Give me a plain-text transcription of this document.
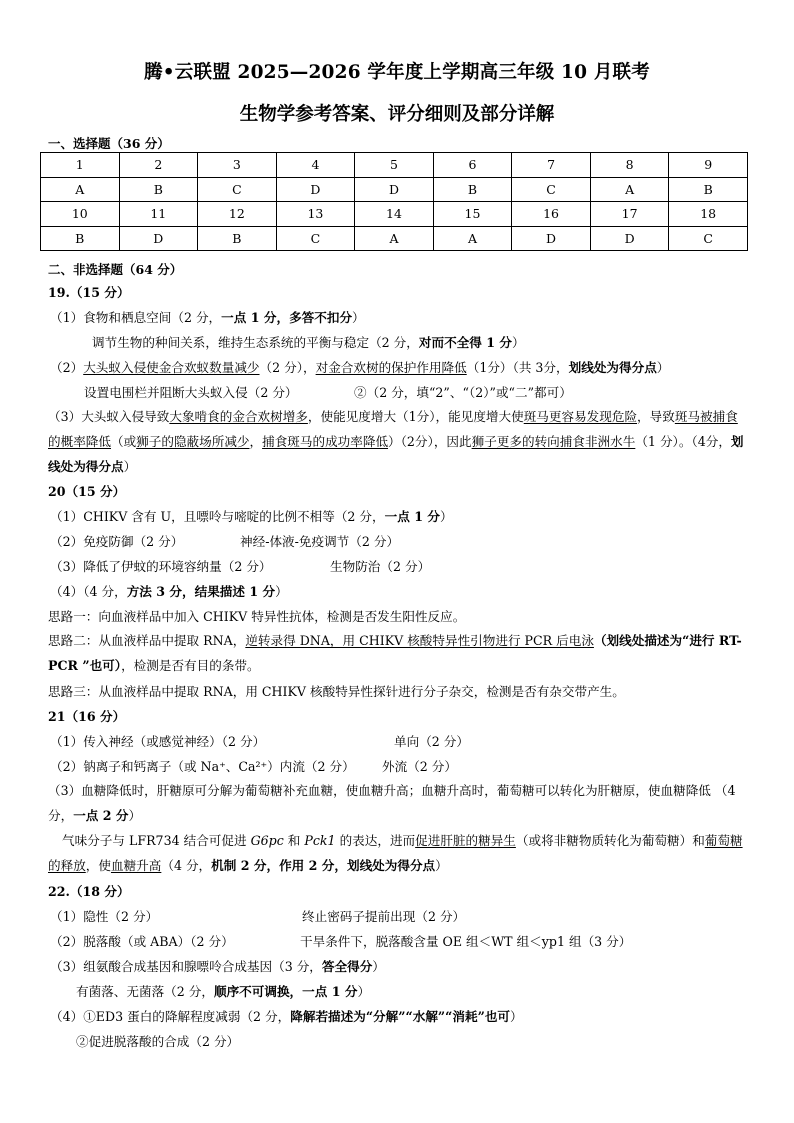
腾•云联盟 2025—2026 学年度上学期高三年级 10 月联考
生物学参考答案、评分细则及部分详解
一、选择题（36 分）
1	2	3	4	5	6	7	8	9
A	B	C	D	D	B	C	A	B
10	11	12	13	14	15	16	17	18
B	D	B	C	A	A	D	D	C
二、非选择题（64 分）
19.（15 分）
（1）食物和栖息空间（2 分，一点 1 分，多答不扣分）
调节生物的种间关系，维持生态系统的平衡与稳定（2 分，对而不全得 1 分）
（2）大头蚁入侵使金合欢蚁数量减少（2 分），对金合欢树的保护作用降低（1分）（共 3分，划线处为得分点）
设置电围栏并阻断大头蚁入侵（2 分）	②（2 分，填“2”、“（2）”或“二”都可）
（3）大头蚁入侵导致大象啃食的金合欢树增多，使能见度增大（1分），能见度增大使斑马更容易发现危险，导致斑马被捕食的概率降低（或狮子的隐蔽场所减少，捕食斑马的成功率降低）（2分），因此狮子更多的转向捕食非洲水牛（1 分）。（4分，划线处为得分点）
20（15 分）
（1）CHIKV 含有 U，且嘌呤与嘧啶的比例不相等（2 分，一点 1 分）
（2）免疫防御（2 分）	神经-体液-免疫调节（2 分）
（3）降低了伊蚊的环境容纳量（2 分）	生物防治（2 分）
（4）（4 分，方法 3 分，结果描述 1 分）
思路一：向血液样品中加入 CHIKV 特异性抗体，检测是否发生阳性反应。
思路二：从血液样品中提取 RNA，逆转录得 DNA，用 CHIKV 核酸特异性引物进行 PCR 后电泳（划线处描述为“进行 RT-PCR ”也可），检测是否有目的条带。
思路三：从血液样品中提取 RNA，用 CHIKV 核酸特异性探针进行分子杂交，检测是否有杂交带产生。
21（16 分）
（1）传入神经（或感觉神经）（2 分）	单向（2 分）
（2）钠离子和钙离子（或 Na⁺、Ca²⁺）内流（2 分） 外流（2 分）
（3）血糖降低时，肝糖原可分解为葡萄糖补充血糖，使血糖升高；血糖升高时，葡萄糖可以转化为肝糖原，使血糖降低 （4 分，一点 2 分）
气味分子与 LFR734 结合可促进 G6pc 和 Pck1 的表达，进而促进肝脏的糖异生（或将非糖物质转化为葡萄糖）和葡萄糖的释放，使血糖升高（4 分，机制 2 分，作用 2 分，划线处为得分点）
22.（18 分）
（1）隐性（2 分）	终止密码子提前出现（2 分）
（2）脱落酸（或 ABA）（2 分）	干旱条件下，脱落酸含量 OE 组＜WT 组＜yp1 组（3 分）
（3）组氨酸合成基因和腺嘌呤合成基因（3 分，答全得分）
有菌落、无菌落（2 分，顺序不可调换，一点 1 分）
（4）①ED3 蛋白的降解程度减弱（2 分，降解若描述为“分解”“水解”“消耗”也可）
②促进脱落酸的合成（2 分）
